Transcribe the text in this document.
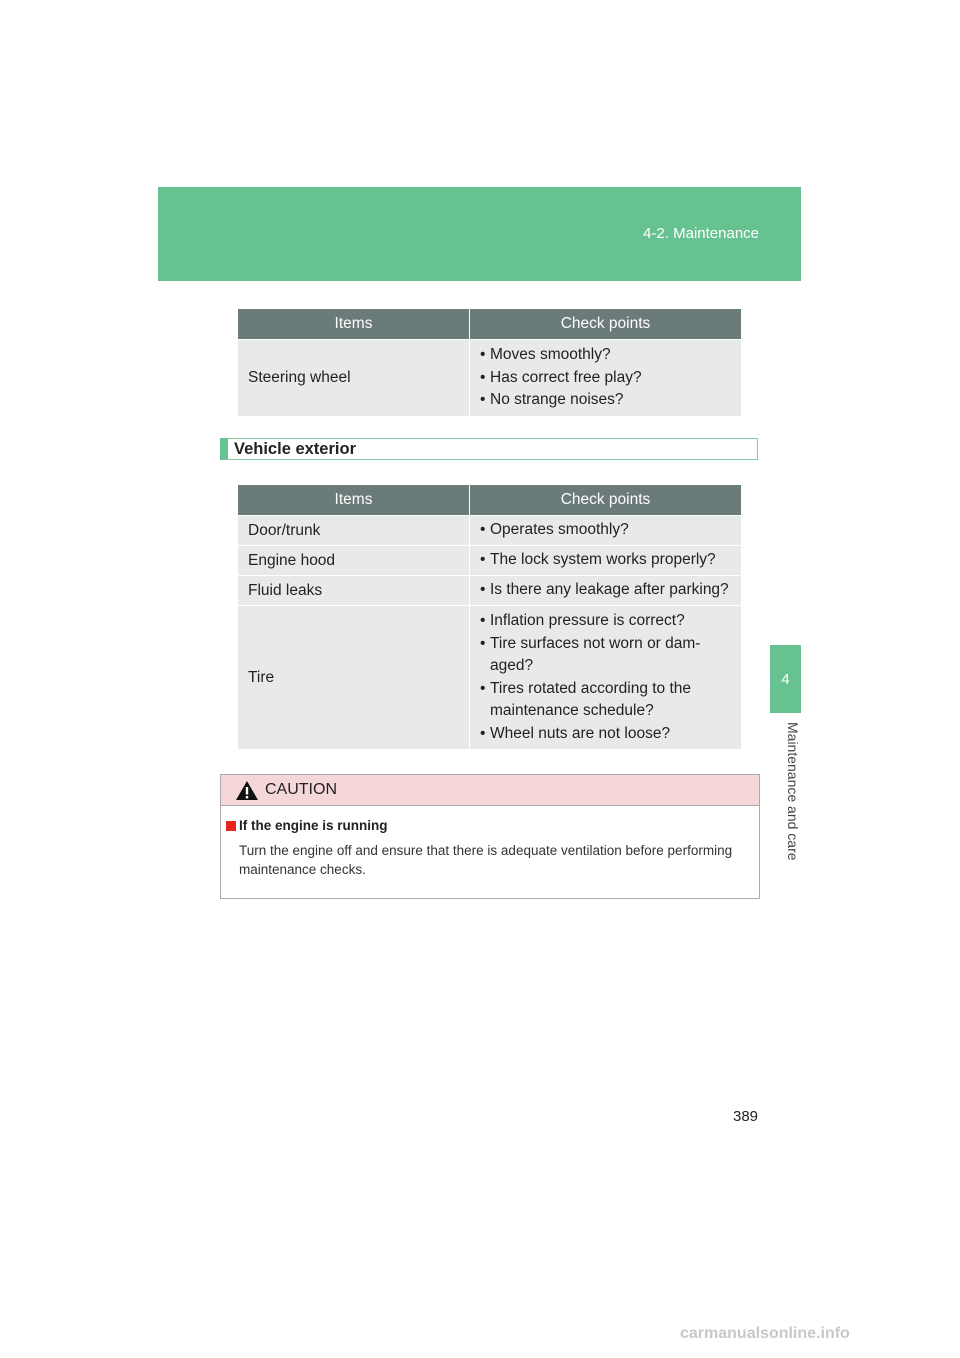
4-2. Maintenance
4
Maintenance and care
Items	Check points
Steering wheel	• Moves smoothly?
• Has correct free play?
• No strange noises?
Vehicle exterior
Items	Check points
Door/trunk	• Operates smoothly?

Engine hood	• The lock system works properly?

Fluid leaks	• Is there any leakage after parking?

Tire	• Inflation pressure is correct?
• Tire surfaces not worn or dam-aged?
• Tires rotated according to the maintenance schedule?
• Wheel nuts are not loose?
CAUTION
If the engine is running
Turn the engine off and ensure that there is adequate ventilation before performing maintenance checks.
389
carmanualsonline.info
